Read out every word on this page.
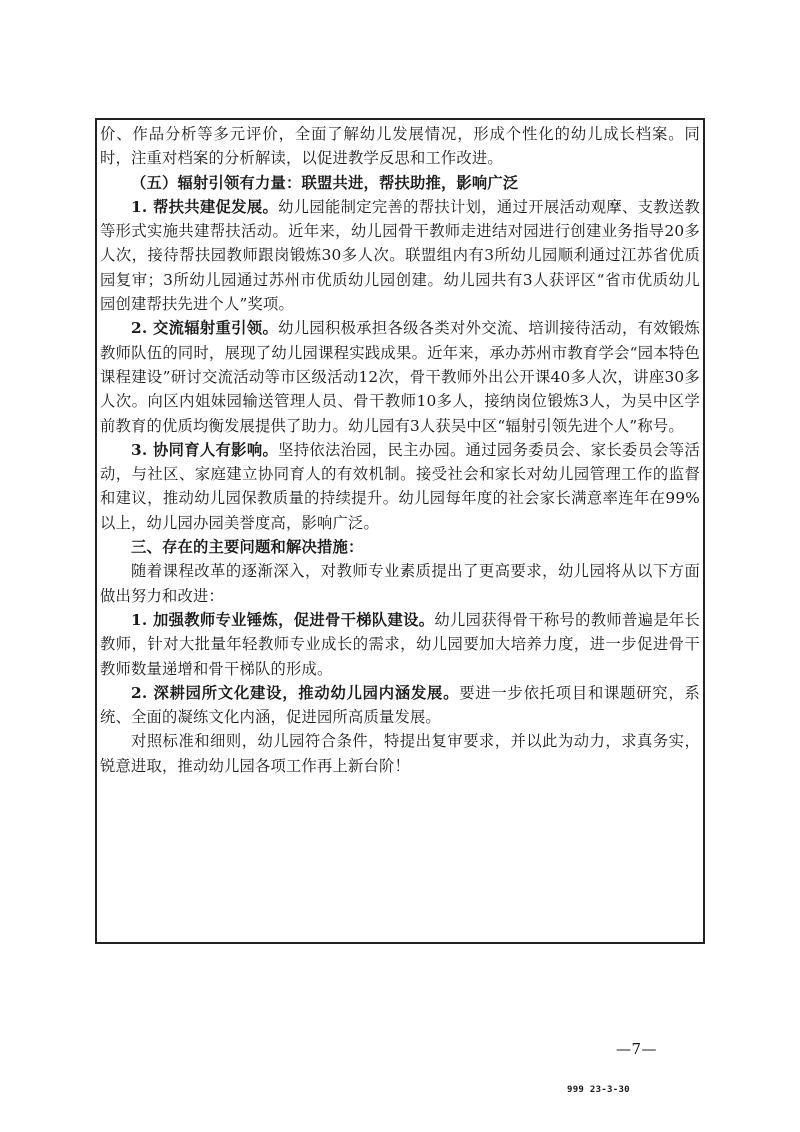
价、作品分析等多元评价，全面了解幼儿发展情况，形成个性化的幼儿成长档案。同时，注重对档案的分析解读，以促进教学反思和工作改进。

（五）辐射引领有力量：联盟共进，帮扶助推，影响广泛

1. 帮扶共建促发展。幼儿园能制定完善的帮扶计划，通过开展活动观摩、支教送教等形式实施共建帮扶活动。近年来，幼儿园骨干教师走进结对园进行创建业务指导20多人次，接待帮扶园教师跟岗锻炼30多人次。联盟组内有3所幼儿园顺利通过江苏省优质园复审；3所幼儿园通过苏州市优质幼儿园创建。幼儿园共有3人获评区“省市优质幼儿园创建帮扶先进个人”奖项。

2. 交流辐射重引领。幼儿园积极承担各级各类对外交流、培训接待活动，有效锻炼教师队伍的同时，展现了幼儿园课程实践成果。近年来，承办苏州市教育学会“园本特色课程建设”研讨交流活动等市区级活动12次，骨干教师外出公开课40多人次，讲座30多人次。向区内姐妹园输送管理人员、骨干教师10多人，接纳岗位锻炼3人，为吴中区学前教育的优质均衡发展提供了助力。幼儿园有3人获吴中区“辐射引领先进个人”称号。

3. 协同育人有影响。坚持依法治园，民主办园。通过园务委员会、家长委员会等活动，与社区、家庭建立协同育人的有效机制。接受社会和家长对幼儿园管理工作的监督和建议，推动幼儿园保教质量的持续提升。幼儿园每年度的社会家长满意率连年在99%以上，幼儿园办园美誉度高，影响广泛。

三、存在的主要问题和解决措施：

随着课程改革的逐渐深入，对教师专业素质提出了更高要求，幼儿园将从以下方面做出努力和改进：

1. 加强教师专业锤炼，促进骨干梯队建设。幼儿园获得骨干称号的教师普遍是年长教师，针对大批量年轻教师专业成长的需求，幼儿园要加大培养力度，进一步促进骨干教师数量递增和骨干梯队的形成。

2. 深耕园所文化建设，推动幼儿园内涵发展。要进一步依托项目和课题研究，系统、全面的凝练文化内涵，促进园所高质量发展。

对照标准和细则，幼儿园符合条件，特提出复审要求，并以此为动力，求真务实，锐意进取，推动幼儿园各项工作再上新台阶！

—7—
999 23-3-30
